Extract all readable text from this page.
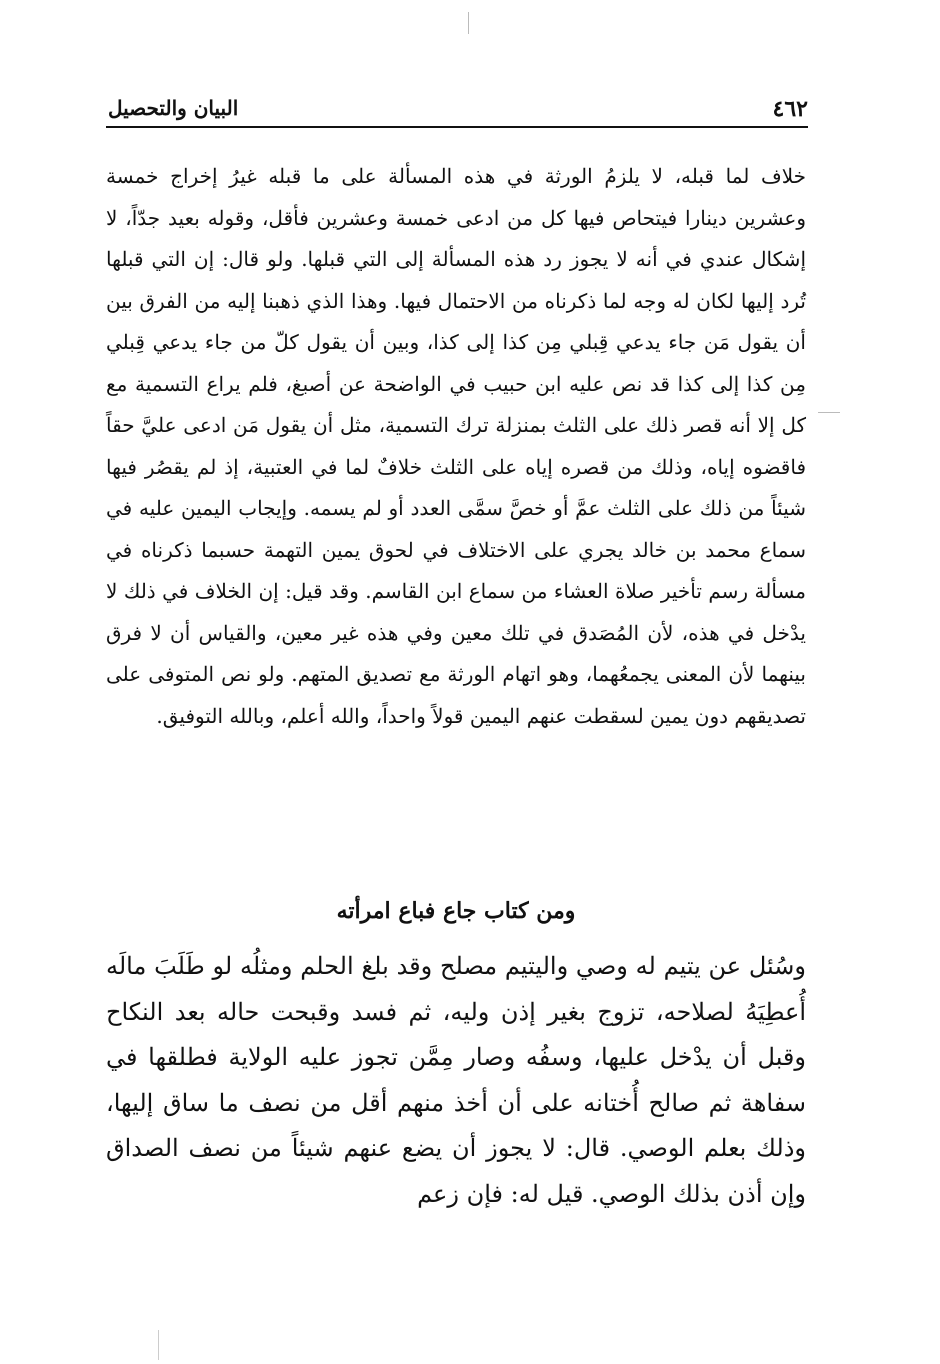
٤٦٢
البيان والتحصيل

خلاف لما قبله، لا يلزمُ الورثة في هذه المسألة على ما قبله غيرُ إخراج خمسة وعشرين دينارا فيتحاص فيها كل من ادعى خمسة وعشرين فأقل، وقوله بعيد جدّاً، لا إشكال عندي في أنه لا يجوز رد هذه المسألة إلى التي قبلها. ولو قال: إن التي قبلها تُرد إليها لكان له وجه لما ذكرناه من الاحتمال فيها. وهذا الذي ذهبنا إليه من الفرق بين أن يقول مَن جاء يدعي قِبلي مِن كذا إلى كذا، وبين أن يقول كلّ من جاء يدعي قِبلي مِن كذا إلى كذا قد نص عليه ابن حبيب في الواضحة عن أصبغ، فلم يراع التسمية مع كل إلا أنه قصر ذلك على الثلث بمنزلة ترك التسمية، مثل أن يقول مَن ادعى عليَّ حقاً فاقضوه إياه، وذلك من قصره إياه على الثلث خلافٌ لما في العتبية، إذ لم يقصُر فيها شيئاً من ذلك على الثلث عمَّ أو خصَّ سمَّى العدد أو لم يسمه. وإيجاب اليمين عليه في سماع محمد بن خالد يجري على الاختلاف في لحوق يمين التهمة حسبما ذكرناه في مسألة رسم تأخير صلاة العشاء من سماع ابن القاسم. وقد قيل: إن الخلاف في ذلك لا يدْخل في هذه، لأن المُصَدق في تلك معين وفي هذه غير معين، والقياس أن لا فرق بينهما لأن المعنى يجمعُهما، وهو اتهام الورثة مع تصديق المتهم. ولو نص المتوفى على تصديقهم دون يمين لسقطت عنهم اليمين قولاً واحداً، والله أعلم، وبالله التوفيق.

ومن كتاب جاع فباع امرأته

وسُئل عن يتيم له وصي واليتيم مصلح وقد بلغ الحلم ومثلُه لو طَلَبَ مالَه أُعطِيَهُ لصلاحه، تزوج بغير إذن وليه، ثم فسد وقبحت حاله بعد النكاح وقبل أن يدْخل عليها، وسفُه وصار مِمَّن تجوز عليه الولاية فطلقها في سفاهة ثم صالح أُختانه على أن أخذ منهم أقل من نصف ما ساق إليها، وذلك بعلم الوصي. قال: لا يجوز أن يضع عنهم شيئاً من نصف الصداق وإن أذن بذلك الوصي. قيل له: فإن زعم
